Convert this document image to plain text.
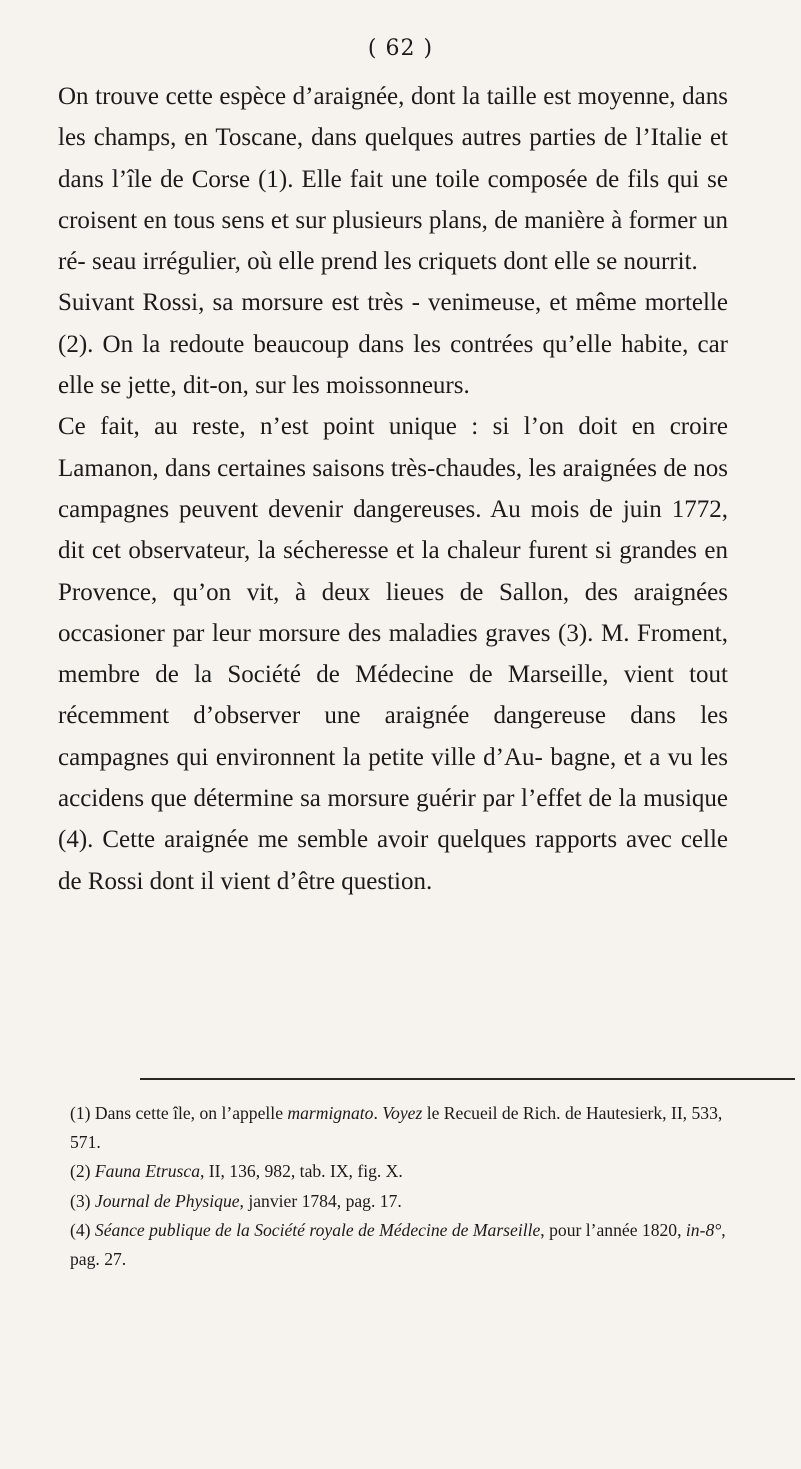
( 62 )

On trouve cette espèce d’araignée, dont la taille est moyenne, dans les champs, en Toscane, dans quelques autres parties de l’Italie et dans l’île de Corse (1). Elle fait une toile composée de fils qui se croisent en tous sens et sur plusieurs plans, de manière à former un ré- seau irrégulier, où elle prend les criquets dont elle se nourrit.

Suivant Rossi, sa morsure est très - venimeuse, et même mortelle (2). On la redoute beaucoup dans les contrées qu’elle habite, car elle se jette, dit-on, sur les moissonneurs.

Ce fait, au reste, n’est point unique : si l’on doit en croire Lamanon, dans certaines saisons très-chaudes, les araignées de nos campagnes peuvent devenir dangereuses. Au mois de juin 1772, dit cet observateur, la sécheresse et la chaleur furent si grandes en Provence, qu’on vit, à deux lieues de Sallon, des araignées occasioner par leur morsure des maladies graves (3). M. Froment, membre de la Société de Médecine de Marseille, vient tout récemment d’observer une araignée dangereuse dans les campagnes qui environnent la petite ville d’Au- bagne, et a vu les accidens que détermine sa morsure guérir par l’effet de la musique (4). Cette araignée me semble avoir quelques rapports avec celle de Rossi dont il vient d’être question.

(1) Dans cette île, on l’appelle marmignato. Voyez le Recueil de Rich. de Hautesierk, II, 533, 571.

(2) Fauna Etrusca, II, 136, 982, tab. IX, fig. X.

(3) Journal de Physique, janvier 1784, pag. 17.

(4) Séance publique de la Société royale de Médecine de Marseille, pour l’année 1820, in-8°, pag. 27.
